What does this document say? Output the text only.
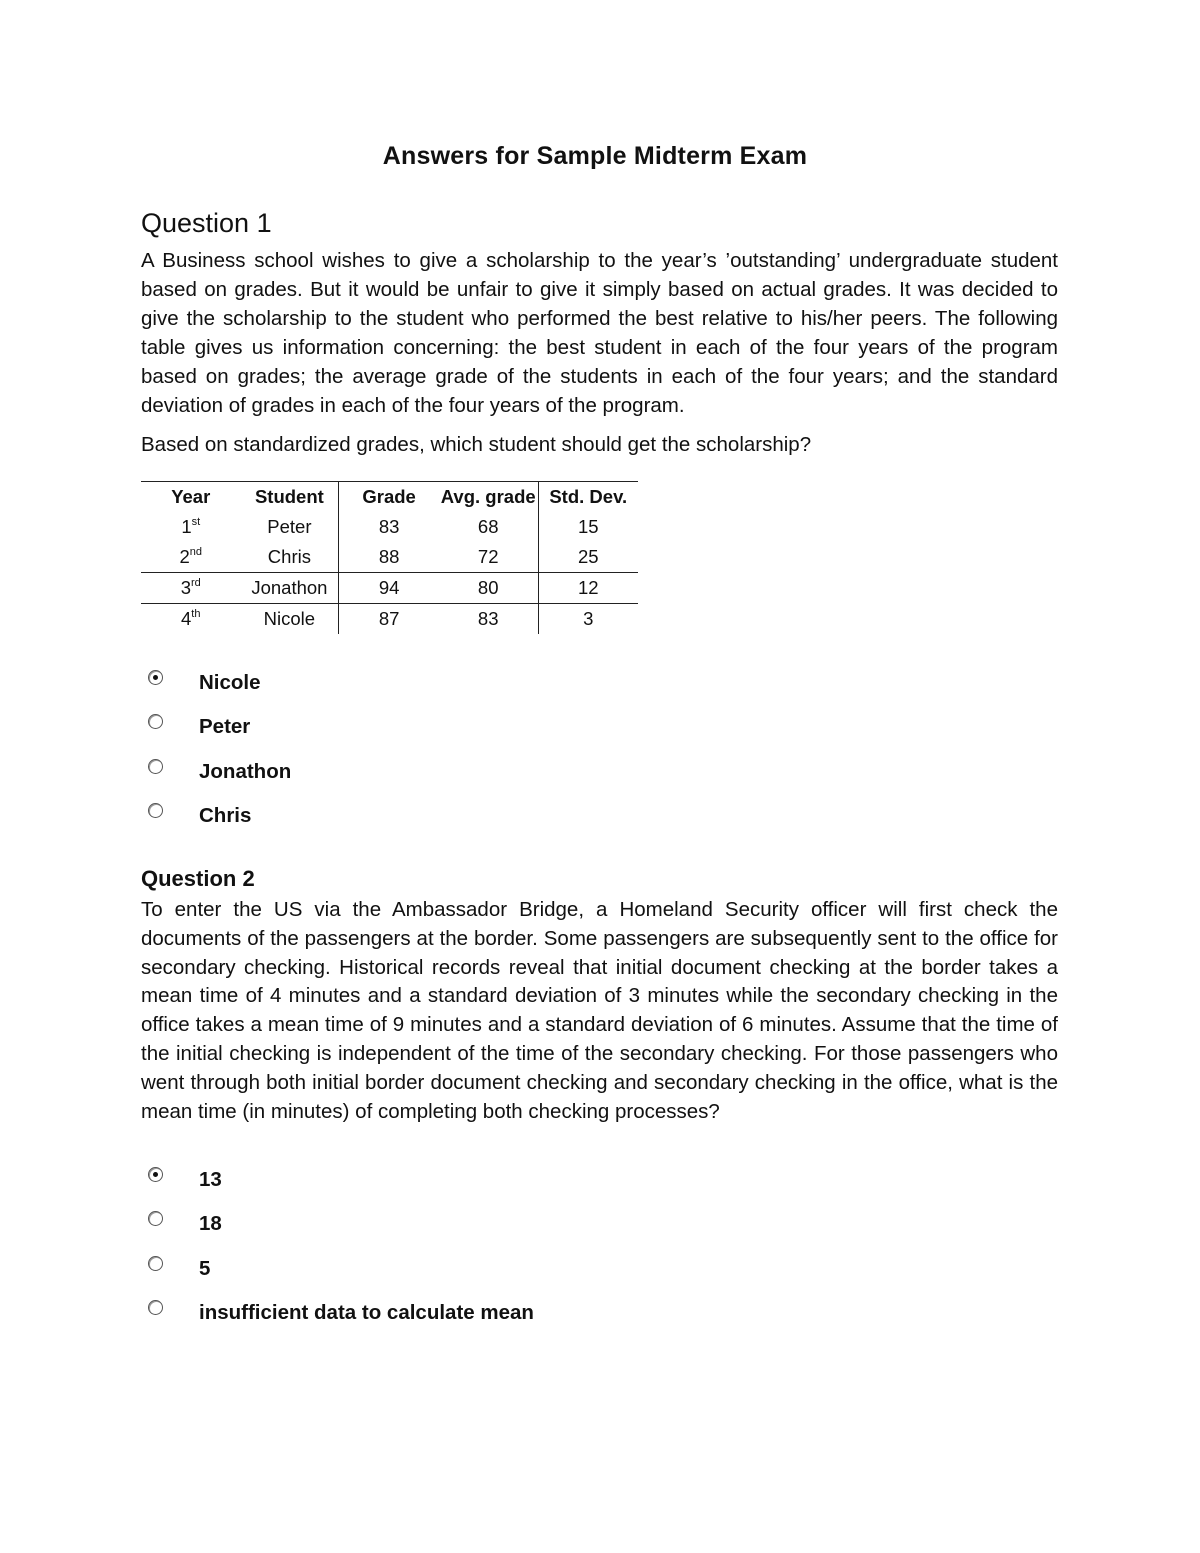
Answers for Sample Midterm Exam
Question 1
A Business school wishes to give a scholarship to the year’s ’outstanding’ undergraduate student based on grades. But it would be unfair to give it simply based on actual grades. It was decided to give the scholarship to the student who performed the best relative to his/her peers. The following table gives us information concerning: the best student in each of the four years of the program based on grades; the average grade of the students in each of the four years; and the standard deviation of grades in each of the four years of the program.
Based on standardized grades, which student should get the scholarship?
Year	Student	Grade	Avg. grade	Std. Dev.
1st	Peter	83	68	15
2nd	Chris	88	72	25
3rd	Jonathon	94	80	12
4th	Nicole	87	83	3
Nicole
Peter
Jonathon
Chris
Question 2
To enter the US via the Ambassador Bridge, a Homeland Security officer will first check the documents of the passengers at the border. Some passengers are subsequently sent to the office for secondary checking. Historical records reveal that initial document checking at the border takes a mean time of 4 minutes and a standard deviation of 3 minutes while the secondary checking in the office takes a mean time of 9 minutes and a standard deviation of 6 minutes. Assume that the time of the initial checking is independent of the time of the secondary checking. For those passengers who went through both initial border document checking and secondary checking in the office, what is the mean time (in minutes) of completing both checking processes?
13
18
5
insufficient data to calculate mean
